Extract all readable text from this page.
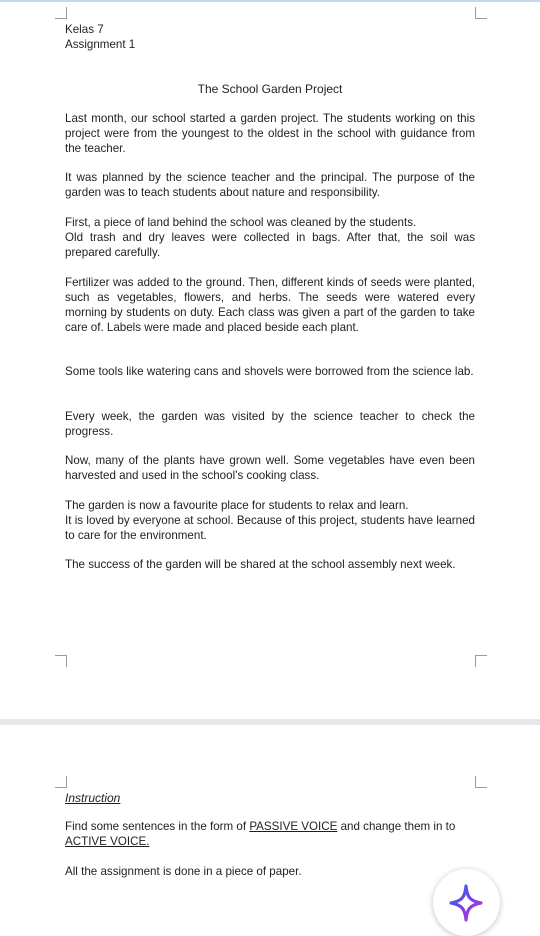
Kelas 7

Assignment 1

The School Garden Project

Last month, our school started a garden project. The students working on this project were from the youngest to the oldest in the school with guidance from the teacher.

It was planned by the science teacher and the principal. The purpose of the garden was to teach students about nature and responsibility.

First, a piece of land behind the school was cleaned by the students.
Old trash and dry leaves were collected in bags. After that, the soil was prepared carefully.

Fertilizer was added to the ground. Then, different kinds of seeds were planted, such as vegetables, flowers, and herbs. The seeds were watered every morning by students on duty. Each class was given a part of the garden to take care of. Labels were made and placed beside each plant.

Some tools like watering cans and shovels were borrowed from the science lab.

Every week, the garden was visited by the science teacher to check the progress.

Now, many of the plants have grown well. Some vegetables have even been harvested and used in the school’s cooking class.

The garden is now a favourite place for students to relax and learn.
It is loved by everyone at school. Because of this project, students have learned to care for the environment.

The success of the garden will be shared at the school assembly next week.

Instruction

Find some sentences in the form of PASSIVE VOICE and change them in to ACTIVE VOICE.

All the assignment is done in a piece of paper.
